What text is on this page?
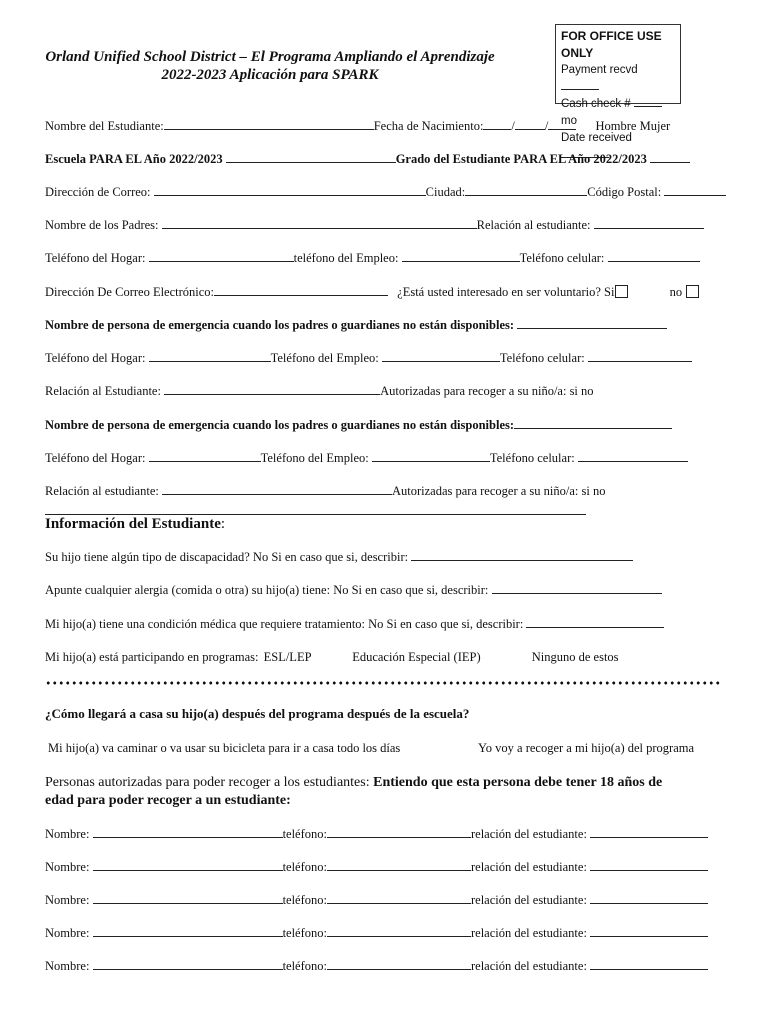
Orland Unified School District – El Programa Ampliando el Aprendizaje
2022-2023 Aplicación para SPARK
FOR OFFICE USE ONLY
Payment recvd
Cash check #  mo
Date received
Nombre del Estudiante:	Fecha de Nacimiento: / /	Hombre Mujer
Escuela PARA EL Año 2022/2023	Grado del Estudiante PARA EL Año 2022/2023
Dirección de Correo:	Ciudad:	Código Postal:
Nombre de los Padres:	Relación al estudiante:
Teléfono del Hogar:	teléfono del Empleo:	Teléfono celular:
Dirección De Correo Electrónico:	¿Está usted interesado en ser voluntario? Si	no
Nombre de persona de emergencia cuando los padres o guardianes no están disponibles:
Teléfono del Hogar:	Teléfono del Empleo:	Teléfono celular:
Relación al Estudiante:	Autorizadas para recoger a su niño/a: si no
Nombre de persona de emergencia cuando los padres o guardianes no están disponibles:
Teléfono del Hogar:	Teléfono del Empleo:	Teléfono celular:
Relación al estudiante:	Autorizadas para recoger a su niño/a: si no
Información del Estudiante:
Su hijo tiene algún tipo de discapacidad? No Si en caso que si, describir:
Apunte cualquier alergia (comida o otra) su hijo(a) tiene: No Si en caso que si, describir:
Mi hijo(a) tiene una condición médica que requiere tratamiento: No Si en caso que si, describir:
Mi hijo(a) está participando en programas: ESL/LEP	Educación Especial (IEP)	Ninguno de estos
¿Cómo llegará a casa su hijo(a) después del programa después de la escuela?
Mi hijo(a) va caminar o va usar su bicicleta para ir a casa todo los días	Yo voy a recoger a mi hijo(a) del programa
Personas autorizadas para poder recoger a los estudiantes: Entiendo que esta persona debe tener 18 años de
edad para poder recoger a un estudiante:
Nombre:	teléfono:	relación del estudiante:
Nombre:	teléfono:	relación del estudiante:
Nombre:	teléfono:	relación del estudiante:
Nombre:	teléfono:	relación del estudiante:
Nombre:	teléfono:	relación del estudiante:
